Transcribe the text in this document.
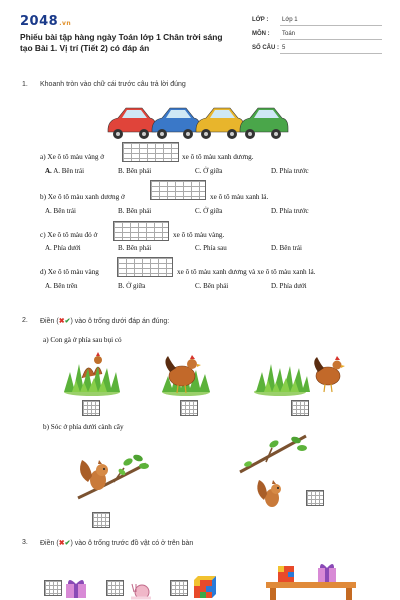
2048.vn
Phiếu bài tập hàng ngày Toán lớp 1 Chân trời sáng tạo Bài 1. Vị trí (Tiết 2) có đáp án
LỚP : Lớp 1
MÔN : Toán
SỐ CÂU : 5
1. Khoanh tròn vào chữ cái trước câu trả lời đúng
a) Xe ô tô màu vàng ở	xe ô tô màu xanh dương.
A. A. Bên trái	B. Bên phải	C. Ở giữa	D. Phía trước
b) Xe ô tô màu xanh dương ở	xe ô tô màu xanh lá.
A. Bên trái	B. Bên phải	C. Ở giữa	D. Phía trước
c) Xe ô tô màu đỏ ở	xe ô tô màu vàng.
A. Phía dưới	B. Bên phải	C. Phía sau	D. Bên trái
d) Xe ô tô màu vàng	xe ô tô màu xanh dương và xe ô tô màu xanh lá.
A. Bên trên	B. Ở giữa	C. Bên phải	D. Phía dưới
2. Điền (✖✔) vào ô trống dưới đáp án đúng:
a) Con gà ở phía sau bụi cỏ
b) Sóc ở phía dưới cành cây
3. Điền (✖✔) vào ô trống trước đồ vật có ở trên bàn
